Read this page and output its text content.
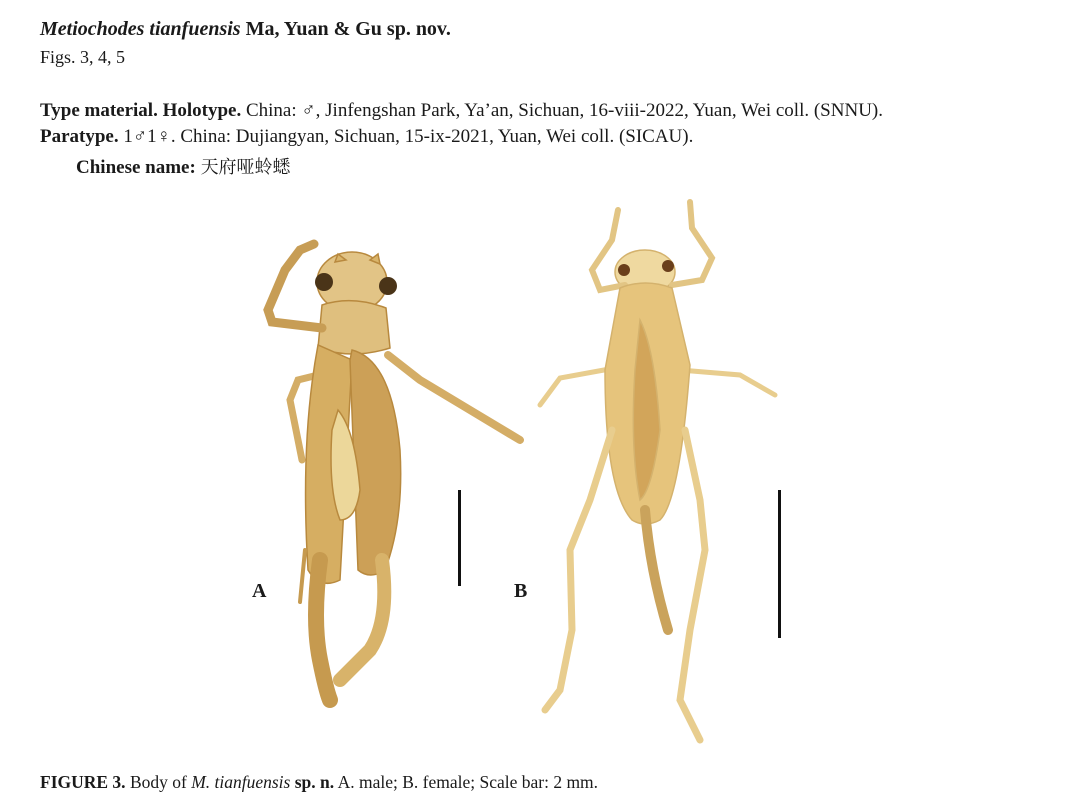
Metiochodes tianfuensis Ma, Yuan & Gu sp. nov.
Figs. 3, 4, 5
Type material. Holotype. China: ♂, Jinfengshan Park, Ya’an, Sichuan, 16-viii-2022, Yuan, Wei coll. (SNNU).
Paratype. 1♂1♀. China: Dujiangyan, Sichuan, 15-ix-2021, Yuan, Wei coll. (SICAU).
Chinese name: 天府哑蛉蟋
A	B
FIGURE 3. Body of M. tianfuensis sp. n. A. male; B. female; Scale bar: 2 mm.
